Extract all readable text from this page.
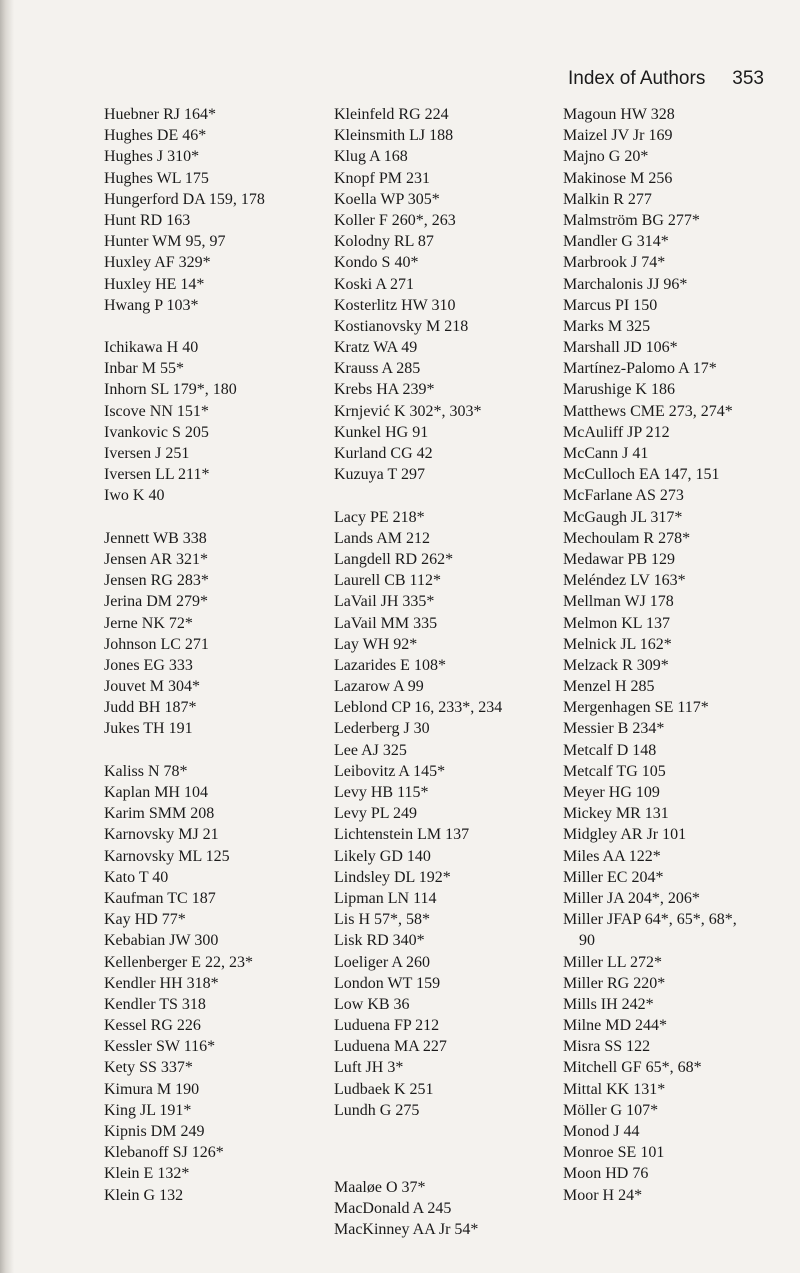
Index of Authors 353
Huebner RJ 164*
Hughes DE 46*
Hughes J 310*
Hughes WL 175
Hungerford DA 159, 178
Hunt RD 163
Hunter WM 95, 97
Huxley AF 329*
Huxley HE 14*
Hwang P 103*
Ichikawa H 40
Inbar M 55*
Inhorn SL 179*, 180
Iscove NN 151*
Ivankovic S 205
Iversen J 251
Iversen LL 211*
Iwo K 40
Jennett WB 338
Jensen AR 321*
Jensen RG 283*
Jerina DM 279*
Jerne NK 72*
Johnson LC 271
Jones EG 333
Jouvet M 304*
Judd BH 187*
Jukes TH 191
Kaliss N 78*
Kaplan MH 104
Karim SMM 208
Karnovsky MJ 21
Karnovsky ML 125
Kato T 40
Kaufman TC 187
Kay HD 77*
Kebabian JW 300
Kellenberger E 22, 23*
Kendler HH 318*
Kendler TS 318
Kessel RG 226
Kessler SW 116*
Kety SS 337*
Kimura M 190
King JL 191*
Kipnis DM 249
Klebanoff SJ 126*
Klein E 132*
Klein G 132
Kleinfeld RG 224
Kleinsmith LJ 188
Klug A 168
Knopf PM 231
Koella WP 305*
Koller F 260*, 263
Kolodny RL 87
Kondo S 40*
Koski A 271
Kosterlitz HW 310
Kostianovsky M 218
Kratz WA 49
Krauss A 285
Krebs HA 239*
Krnjević K 302*, 303*
Kunkel HG 91
Kurland CG 42
Kuzuya T 297
Lacy PE 218*
Lands AM 212
Langdell RD 262*
Laurell CB 112*
LaVail JH 335*
LaVail MM 335
Lay WH 92*
Lazarides E 108*
Lazarow A 99
Leblond CP 16, 233*, 234
Lederberg J 30
Lee AJ 325
Leibovitz A 145*
Levy HB 115*
Levy PL 249
Lichtenstein LM 137
Likely GD 140
Lindsley DL 192*
Lipman LN 114
Lis H 57*, 58*
Lisk RD 340*
Loeliger A 260
London WT 159
Low KB 36
Luduena FP 212
Luduena MA 227
Luft JH 3*
Ludbaek K 251
Lundh G 275
Maaløe O 37*
MacDonald A 245
MacKinney AA Jr 54*
Magoun HW 328
Maizel JV Jr 169
Majno G 20*
Makinose M 256
Malkin R 277
Malmström BG 277*
Mandler G 314*
Marbrook J 74*
Marchalonis JJ 96*
Marcus PI 150
Marks M 325
Marshall JD 106*
Martínez-Palomo A 17*
Marushige K 186
Matthews CME 273, 274*
McAuliff JP 212
McCann J 41
McCulloch EA 147, 151
McFarlane AS 273
McGaugh JL 317*
Mechoulam R 278*
Medawar PB 129
Meléndez LV 163*
Mellman WJ 178
Melmon KL 137
Melnick JL 162*
Melzack R 309*
Menzel H 285
Mergenhagen SE 117*
Messier B 234*
Metcalf D 148
Metcalf TG 105
Meyer HG 109
Mickey MR 131
Midgley AR Jr 101
Miles AA 122*
Miller EC 204*
Miller JA 204*, 206*
Miller JFAP 64*, 65*, 68*,
90
Miller LL 272*
Miller RG 220*
Mills IH 242*
Milne MD 244*
Misra SS 122
Mitchell GF 65*, 68*
Mittal KK 131*
Möller G 107*
Monod J 44
Monroe SE 101
Moon HD 76
Moor H 24*
